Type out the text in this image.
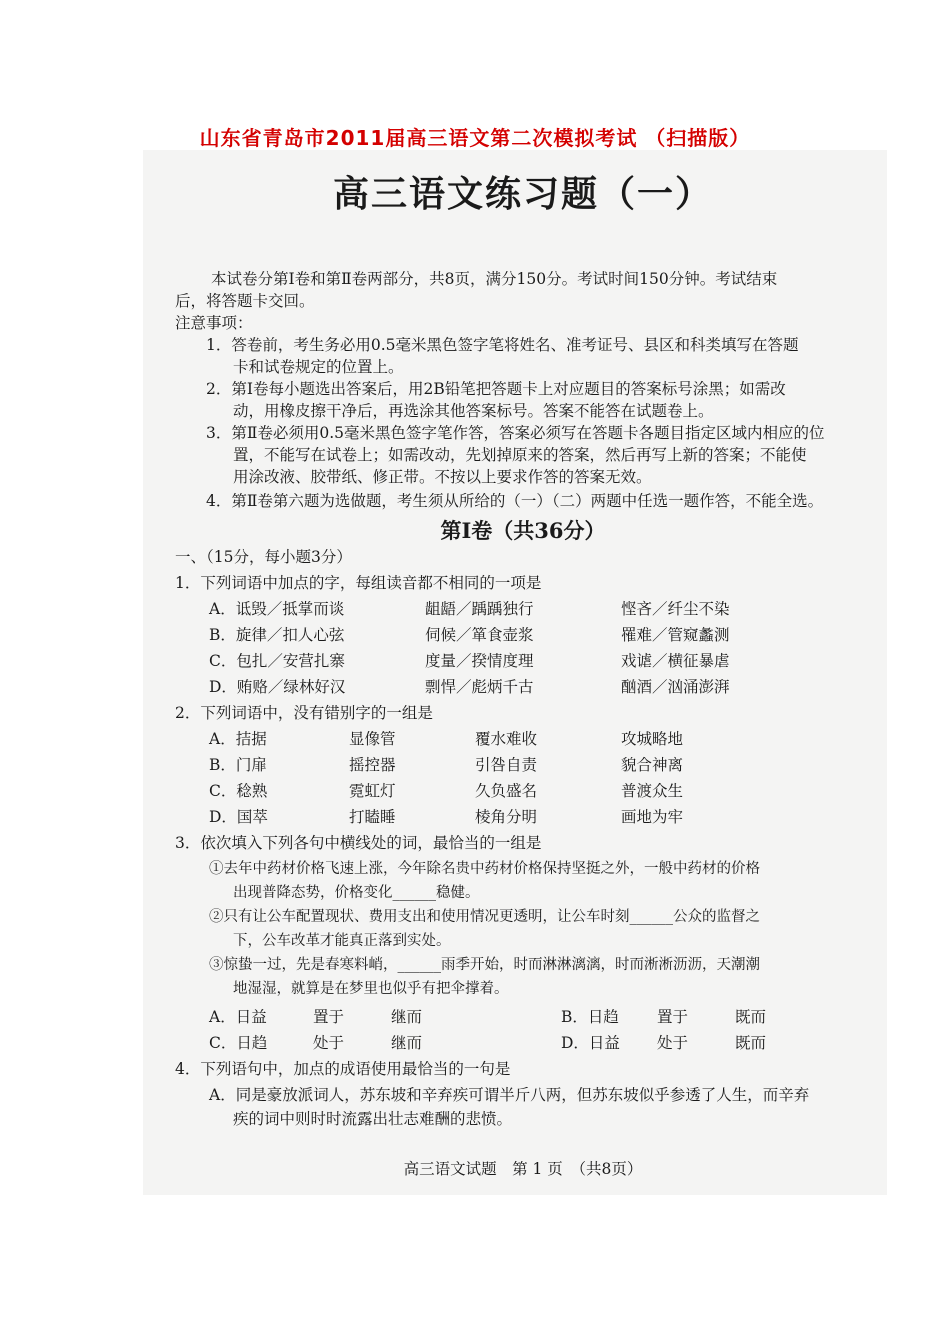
山东省青岛市2011届高三语文第二次模拟考试 （扫描版）
高三语文练习题（一）
本试卷分第Ⅰ卷和第Ⅱ卷两部分，共8页，满分150分。考试时间150分钟。考试结束
后，将答题卡交回。
注意事项：
1．答卷前，考生务必用0.5毫米黑色签字笔将姓名、准考证号、县区和科类填写在答题
卡和试卷规定的位置上。
2．第Ⅰ卷每小题选出答案后，用2B铅笔把答题卡上对应题目的答案标号涂黑；如需改
动，用橡皮擦干净后，再选涂其他答案标号。答案不能答在试题卷上。
3．第Ⅱ卷必须用0.5毫米黑色签字笔作答，答案必须写在答题卡各题目指定区域内相应的位
置，不能写在试卷上；如需改动，先划掉原来的答案，然后再写上新的答案；不能使
用涂改液、胶带纸、修正带。不按以上要求作答的答案无效。
4．第Ⅱ卷第六题为选做题，考生须从所给的（一）（二）两题中任选一题作答，不能全选。
第Ⅰ卷（共36分）
一、（15分，每小题3分）
1．下列词语中加点的字，每组读音都不相同的一项是
A．诋毁／抵掌而谈	龃龉／踽踽独行	悭吝／纤尘不染
B．旋律／扣人心弦	伺候／箪食壶浆	罹难／管窥蠡测
C．包扎／安营扎寨	度量／揆情度理	戏谑／横征暴虐
D．贿赂／绿林好汉	剽悍／彪炳千古	酗酒／汹涌澎湃
2．下列词语中，没有错别字的一组是
A．拮据	显像管	覆水难收	攻城略地
B．门扉	摇控器	引咎自责	貌合神离
C．稔熟	霓虹灯	久负盛名	普渡众生
D．国萃	打瞌睡	棱角分明	画地为牢
3．依次填入下列各句中横线处的词，最恰当的一组是
①去年中药材价格飞速上涨，今年除名贵中药材价格保持坚挺之外，一般中药材的价格
出现普降态势，价格变化______稳健。
②只有让公车配置现状、费用支出和使用情况更透明，让公车时刻______公众的监督之
下，公车改革才能真正落到实处。
③惊蛰一过，先是春寒料峭，______雨季开始，时而淋淋漓漓，时而淅淅沥沥，天潮潮
地湿湿，就算是在梦里也似乎有把伞撑着。
A．日益	置于	继而	B．日趋 置于	既而
C．日趋	处于	继而	D．日益 处于	既而
4．下列语句中，加点的成语使用最恰当的一句是
A．同是豪放派词人，苏东坡和辛弃疾可谓半斤八两，但苏东坡似乎参透了人生，而辛弃
疾的词中则时时流露出壮志难酬的悲愤。
高三语文试题　第 1 页　（共8页）
